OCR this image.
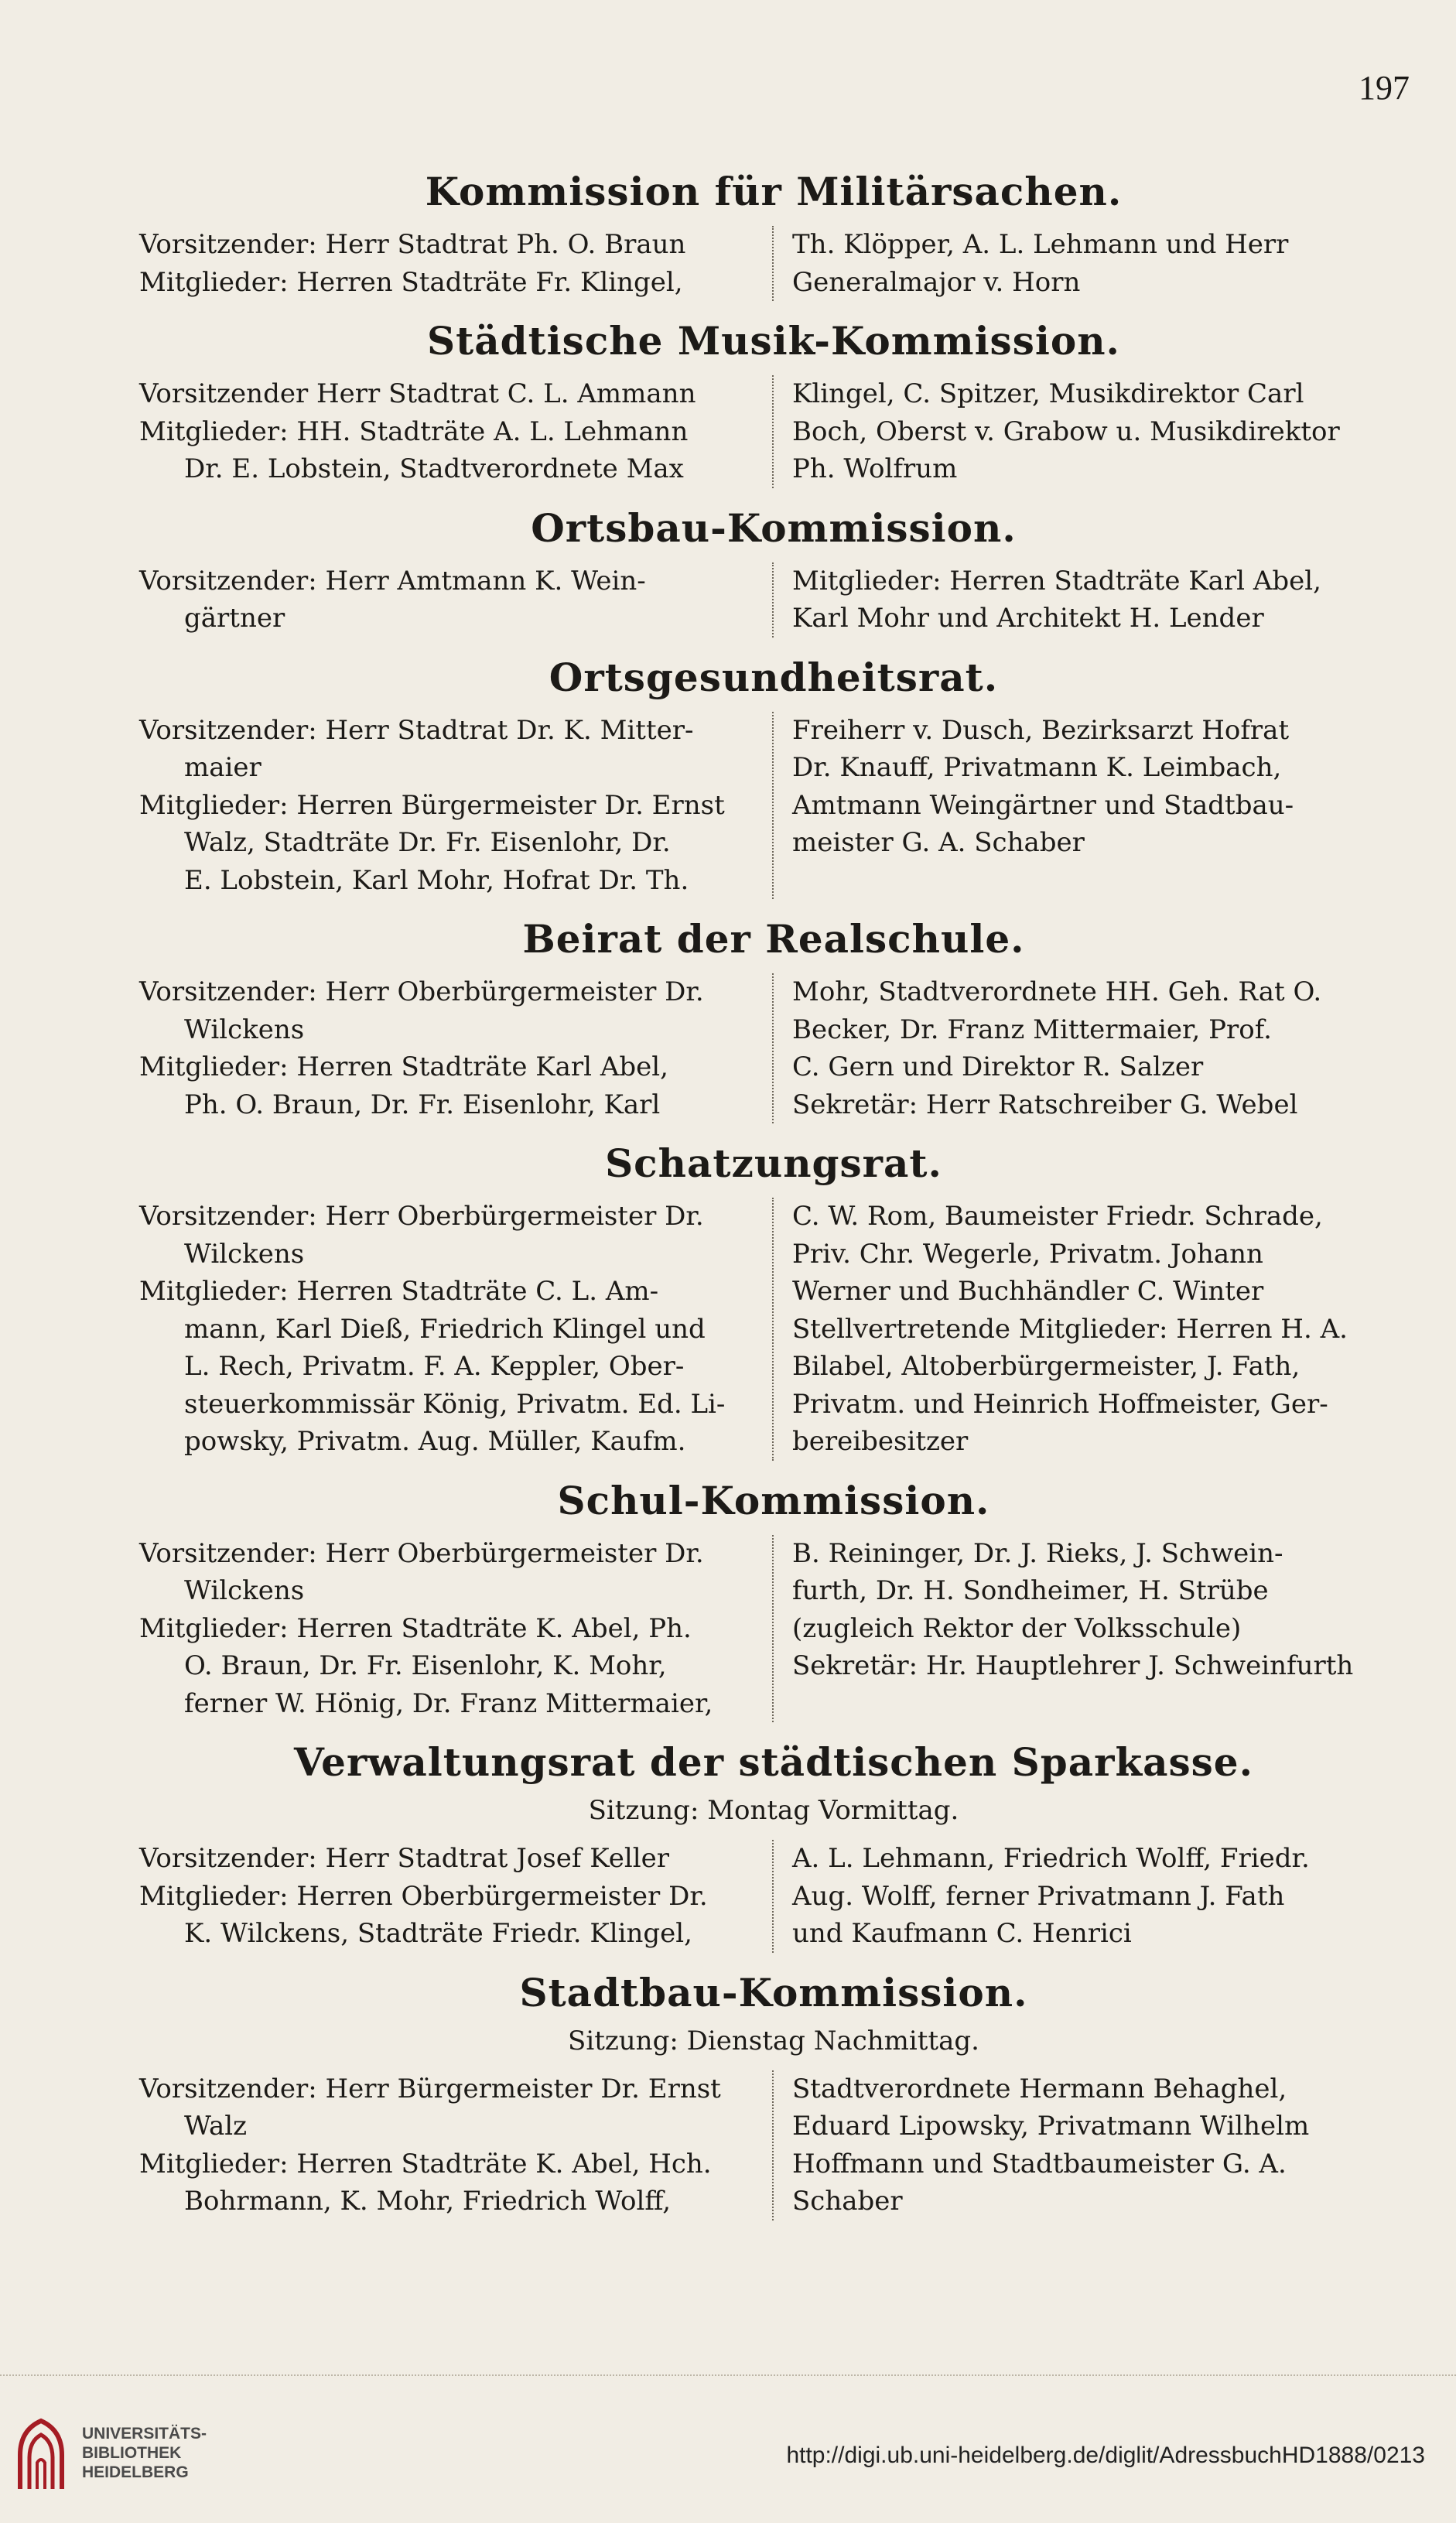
197
Kommission für Militärsachen.

Vorsitzender: Herr Stadtrat Ph. O. Braun

Mitglieder: Herren Stadträte Fr. Klingel,

Th. Klöpper, A. L. Lehmann und Herr

Generalmajor v. Horn

Städtische Musik-Kommission.

Vorsitzender Herr Stadtrat C. L. Ammann

Mitglieder: HH. Stadträte A. L. Lehmann

Dr. E. Lobstein, Stadtverordnete Max

Klingel, C. Spitzer, Musikdirektor Carl

Boch, Oberst v. Grabow u. Musikdirektor

Ph. Wolfrum

Ortsbau-Kommission.

Vorsitzender: Herr Amtmann K. Wein-

gärtner

Mitglieder: Herren Stadträte Karl Abel,

Karl Mohr und Architekt H. Lender

Ortsgesundheitsrat.

Vorsitzender: Herr Stadtrat Dr. K. Mitter-

maier

Mitglieder: Herren Bürgermeister Dr. Ernst

Walz, Stadträte Dr. Fr. Eisenlohr, Dr.

E. Lobstein, Karl Mohr, Hofrat Dr. Th.

Freiherr v. Dusch, Bezirksarzt Hofrat

Dr. Knauff, Privatmann K. Leimbach,

Amtmann Weingärtner und Stadtbau-

meister G. A. Schaber

Beirat der Realschule.

Vorsitzender: Herr Oberbürgermeister Dr.

Wilckens

Mitglieder: Herren Stadträte Karl Abel,

Ph. O. Braun, Dr. Fr. Eisenlohr, Karl

Mohr, Stadtverordnete HH. Geh. Rat O.

Becker, Dr. Franz Mittermaier, Prof.

C. Gern und Direktor R. Salzer

Sekretär: Herr Ratschreiber G. Webel

Schatzungsrat.

Vorsitzender: Herr Oberbürgermeister Dr.

Wilckens

Mitglieder: Herren Stadträte C. L. Am-

mann, Karl Dieß, Friedrich Klingel und

L. Rech, Privatm. F. A. Keppler, Ober-

steuerkommissär König, Privatm. Ed. Li-

powsky, Privatm. Aug. Müller, Kaufm.

C. W. Rom, Baumeister Friedr. Schrade,

Priv. Chr. Wegerle, Privatm. Johann

Werner und Buchhändler C. Winter

Stellvertretende Mitglieder: Herren H. A.

Bilabel, Altoberbürgermeister, J. Fath,

Privatm. und Heinrich Hoffmeister, Ger-

bereibesitzer

Schul-Kommission.

Vorsitzender: Herr Oberbürgermeister Dr.

Wilckens

Mitglieder: Herren Stadträte K. Abel, Ph.

O. Braun, Dr. Fr. Eisenlohr, K. Mohr,

ferner W. Hönig, Dr. Franz Mittermaier,

B. Reininger, Dr. J. Rieks, J. Schwein-

furth, Dr. H. Sondheimer, H. Strübe

(zugleich Rektor der Volksschule)

Sekretär: Hr. Hauptlehrer J. Schweinfurth

Verwaltungsrat der städtischen Sparkasse.
Sitzung: Montag Vormittag.

Vorsitzender: Herr Stadtrat Josef Keller

Mitglieder: Herren Oberbürgermeister Dr.

K. Wilckens, Stadträte Friedr. Klingel,

A. L. Lehmann, Friedrich Wolff, Friedr.

Aug. Wolff, ferner Privatmann J. Fath

und Kaufmann C. Henrici

Stadtbau-Kommission.
Sitzung: Dienstag Nachmittag.

Vorsitzender: Herr Bürgermeister Dr. Ernst

Walz

Mitglieder: Herren Stadträte K. Abel, Hch.

Bohrmann, K. Mohr, Friedrich Wolff,

Stadtverordnete Hermann Behaghel,

Eduard Lipowsky, Privatmann Wilhelm

Hoffmann und Stadtbaumeister G. A.

Schaber

UNIVERSITÄTS-
BIBLIOTHEK
HEIDELBERG
http://digi.ub.uni-heidelberg.de/diglit/AdressbuchHD1888/0213
